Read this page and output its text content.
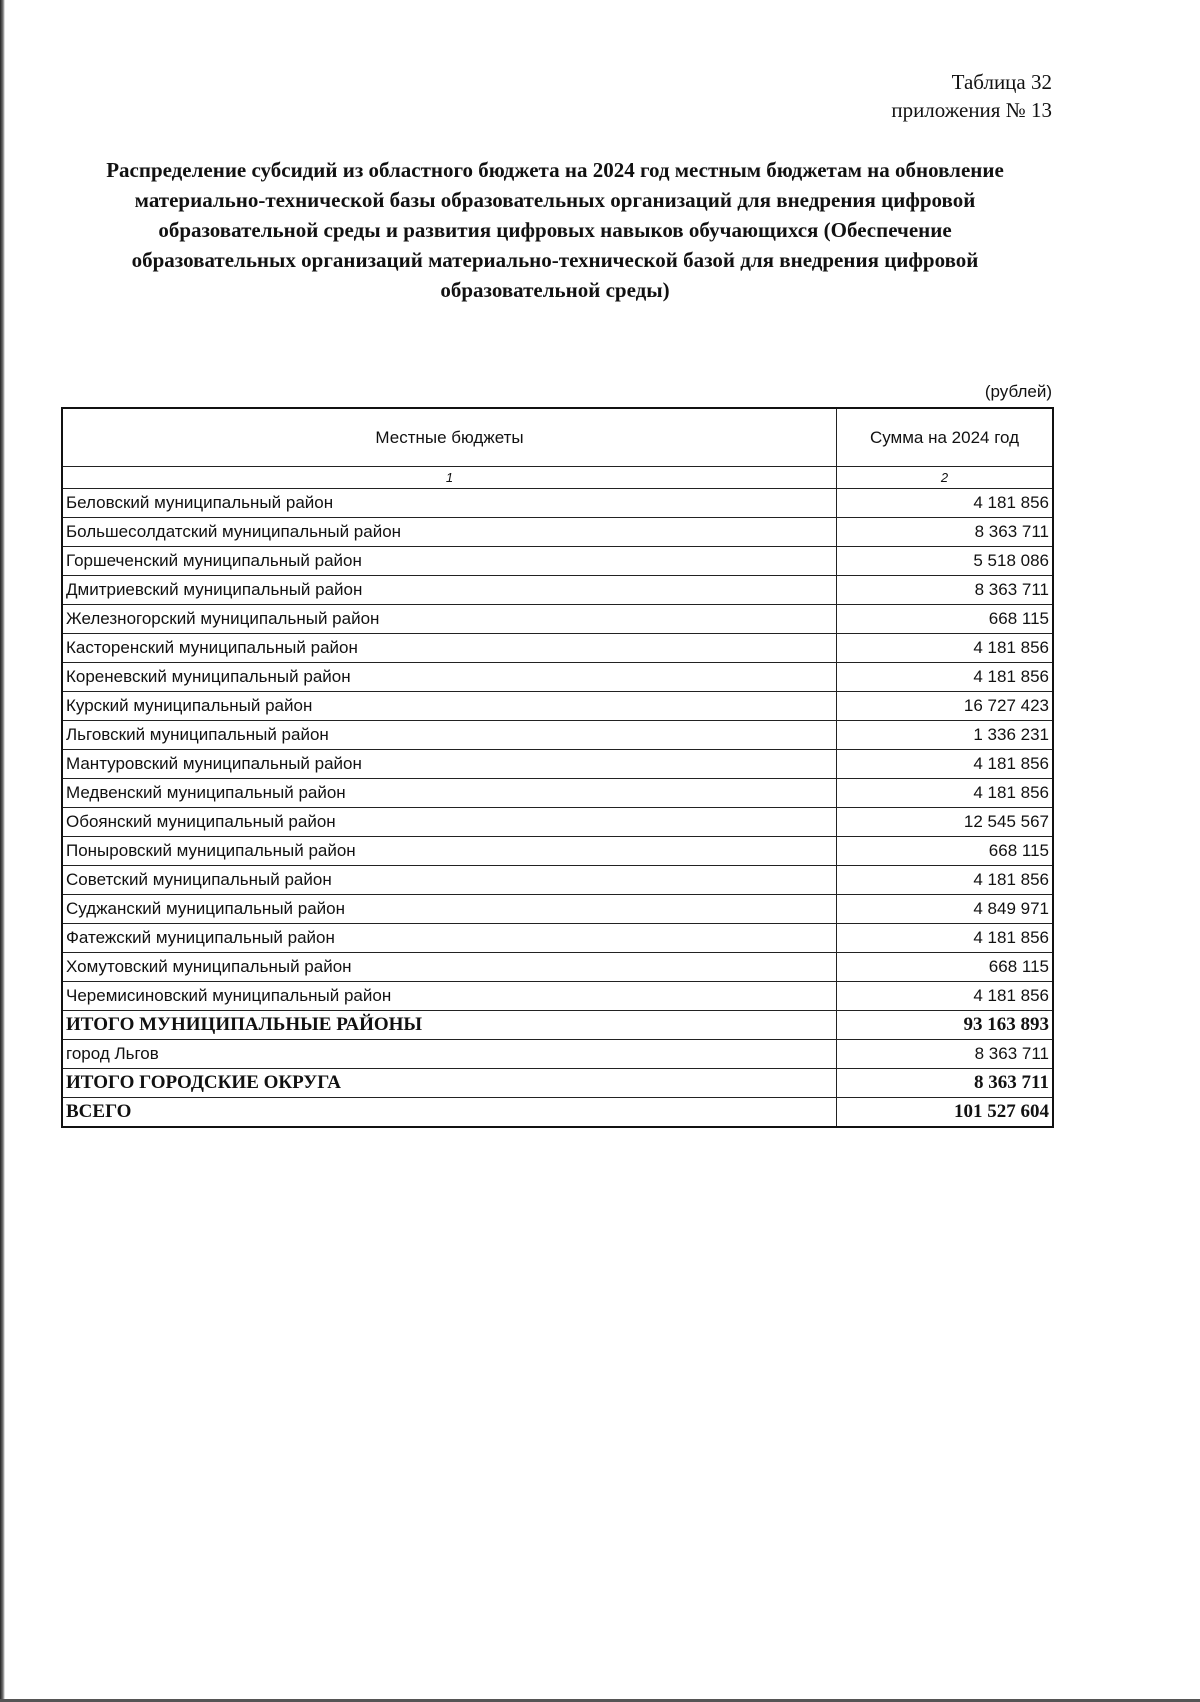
Таблица 32
приложения № 13
Распределение субсидий из областного бюджета на 2024 год местным бюджетам на обновление материально-технической базы образовательных организаций для внедрения цифровой образовательной среды и развития цифровых навыков обучающихся (Обеспечение образовательных организаций материально-технической базой для внедрения цифровой образовательной среды)
(рублей)
Местные бюджеты	Сумма на 2024 год
1	2
Беловский муниципальный район	4 181 856
Большесолдатский муниципальный район	8 363 711
Горшеченский муниципальный район	5 518 086
Дмитриевский муниципальный район	8 363 711
Железногорский муниципальный район	668 115
Касторенский муниципальный район	4 181 856
Кореневский муниципальный район	4 181 856
Курский муниципальный район	16 727 423
Льговский муниципальный район	1 336 231
Мантуровский муниципальный район	4 181 856
Медвенский муниципальный район	4 181 856
Обоянский муниципальный район	12 545 567
Поныровский муниципальный район	668 115
Советский муниципальный район	4 181 856
Суджанский муниципальный район	4 849 971
Фатежский муниципальный район	4 181 856
Хомутовский муниципальный район	668 115
Черемисиновский муниципальный район	4 181 856
ИТОГО МУНИЦИПАЛЬНЫЕ РАЙОНЫ	93 163 893
город Льгов	8 363 711
ИТОГО ГОРОДСКИЕ ОКРУГА	8 363 711
ВСЕГО	101 527 604
